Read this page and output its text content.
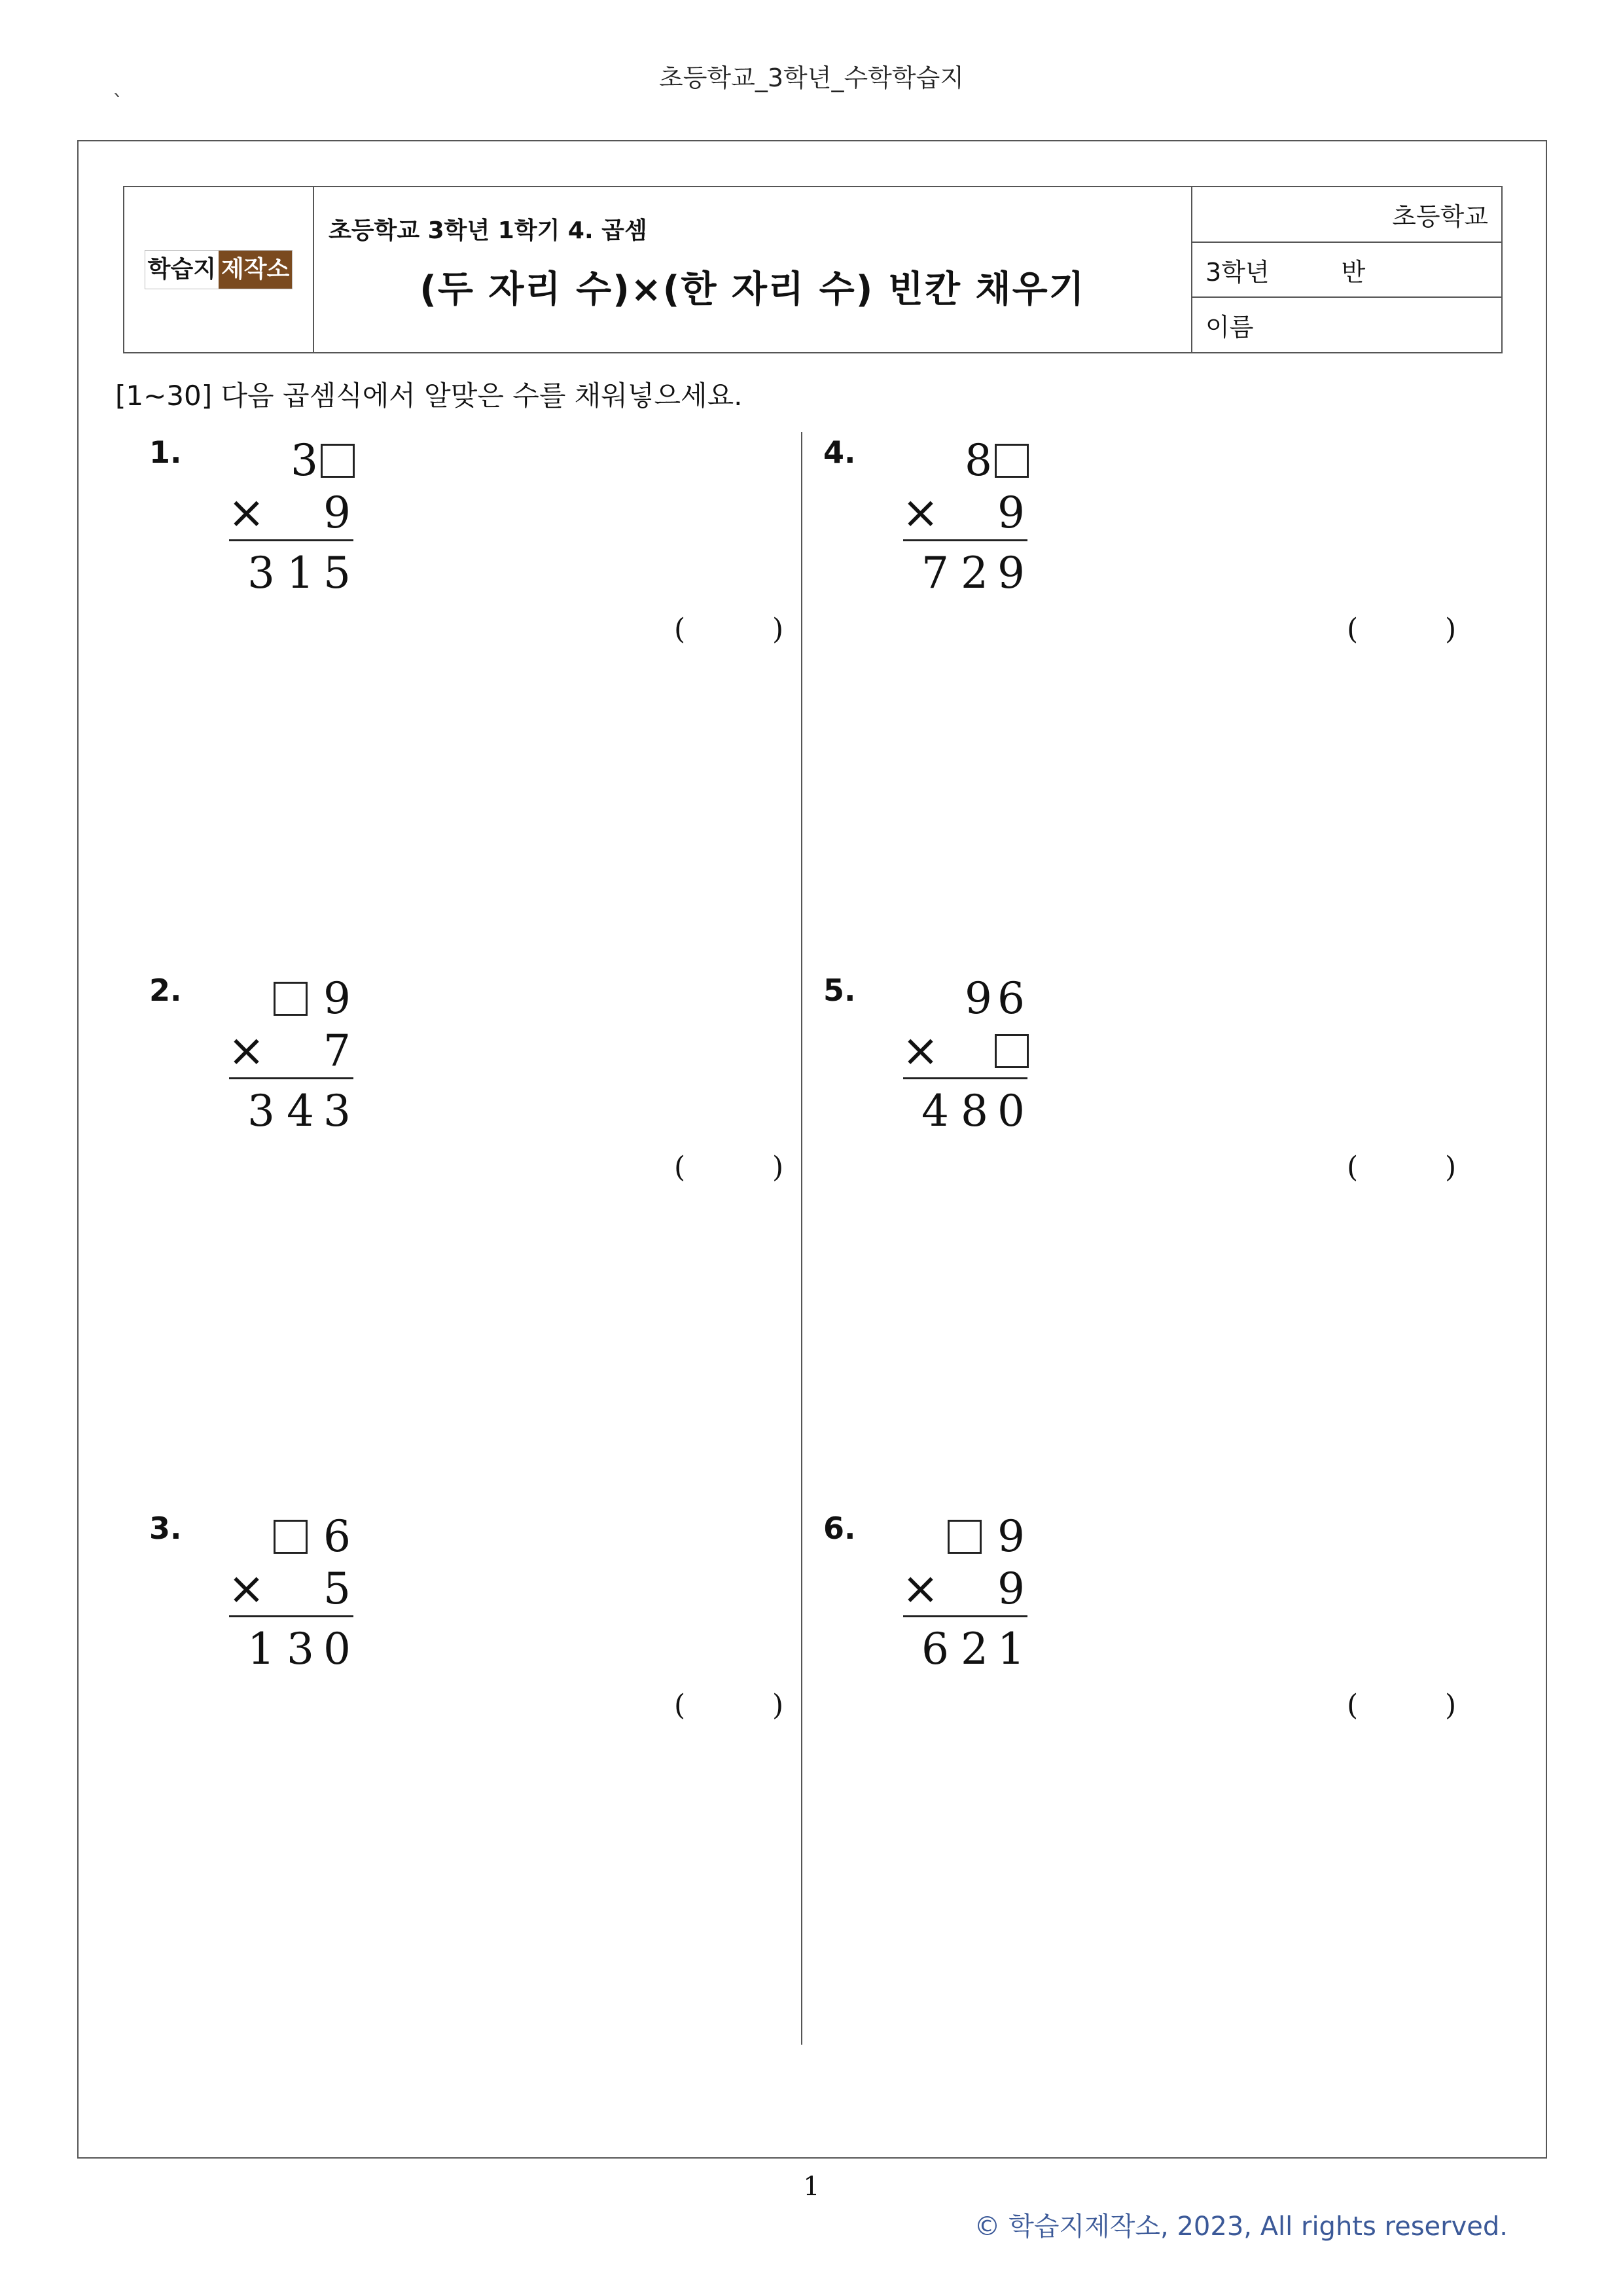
초등학교_3학년_수학학습지
`
학습지 제작소
초등학교 3학년 1학기 4. 곱셈
(두 자리 수)×(한 자리 수) 빈칸 채우기
초등학교
3학년	반
이름
[1~30] 다음 곱셈식에서 알맞은 수를 채워넣으세요.
1.	3
× 9
3 1 5
(	)
2.	9
× 7
3 4 3
(	)
3.	6
× 5
1 3 0
(	)
4.	8
× 9
7 2 9
(	)
5.	9 6
×
4 8 0
(	)
6.	9
× 9
6 2 1
(	)
1
© 학습지제작소, 2023, All rights reserved.
